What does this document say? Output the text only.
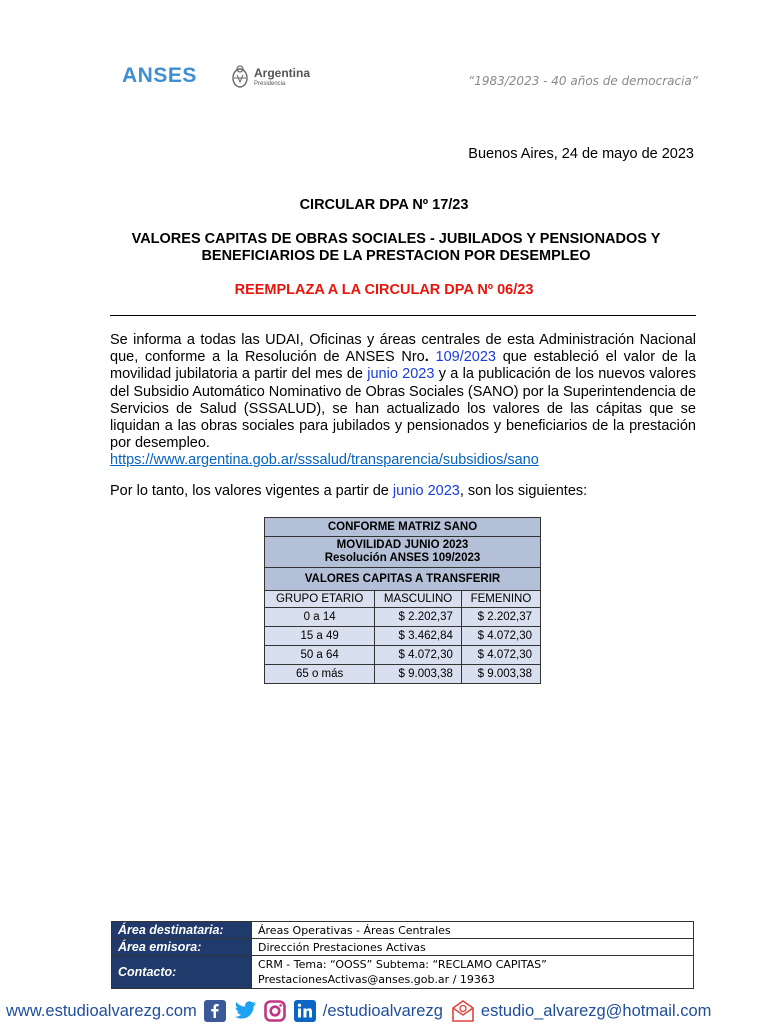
ANSES	Argentina
Presidencia	“1983/2023 - 40 años de democracia”
Buenos Aires, 24 de mayo de 2023
CIRCULAR DPA Nº 17/23
VALORES CAPITAS DE OBRAS SOCIALES - JUBILADOS Y PENSIONADOS Y
BENEFICIARIOS DE LA PRESTACION POR DESEMPLEO
REEMPLAZA A LA CIRCULAR DPA Nº 06/23
Se informa a todas las UDAI, Oficinas y áreas centrales de esta Administración Nacional que, conforme a la Resolución de ANSES Nro. 109/2023 que estableció el valor de la movilidad jubilatoria a partir del mes de junio 2023 y a la publicación de los nuevos valores del Subsidio Automático Nominativo de Obras Sociales (SANO) por la Superintendencia de Servicios de Salud (SSSALUD), se han actualizado los valores de las cápitas que se liquidan a las obras sociales para jubilados y pensionados y beneficiarios de la prestación por desempleo.
https://www.argentina.gob.ar/sssalud/transparencia/subsidios/sano
Por lo tanto, los valores vigentes a partir de junio 2023, son los siguientes:
CONFORME MATRIZ SANO		

MOVILIDAD JUNIO 2023
Resolución ANSES 109/2023		

VALORES CAPITAS A TRANSFERIR		
GRUPO ETARIO	MASCULINO	FEMENINO
0 a 14	$ 2.202,37	$ 2.202,37
15 a 49	$ 3.462,84	$ 4.072,30
50 a 64	$ 4.072,30	$ 4.072,30
65 o más	$ 9.003,38	$ 9.003,38
Área destinataria:	Áreas Operativas - Áreas Centrales
Área emisora:	Dirección Prestaciones Activas
Contacto:	CRM - Tema: “OOSS” Subtema: “RECLAMO CAPITAS”
PrestacionesActivas@anses.gob.ar / 19363
www.estudioalvarezg.com	/estudioalvarezg estudio_alvarezg@hotmail.com
